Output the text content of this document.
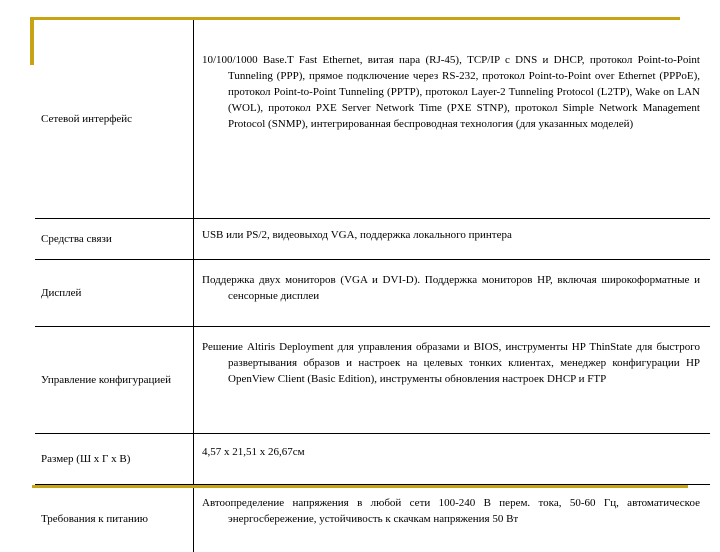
Сетевой интерфейс	10/100/1000 Base.T Fast Ethernet, витая пара (RJ-45), TCP/IP с DNS и DHCP, протокол Point-to-Point Tunneling (PPP), прямое подключение через RS-232, протокол Point-to-Point over Ethernet (PPPoE), протокол Point-to-Point Tunneling (PPTP), протокол Layer-2 Tunneling Protocol (L2TP), Wake on LAN (WOL), протокол PXE Server Network Time (PXE STNP), протокол Simple Network Management Protocol (SNMP), интегрированная беспроводная технология (для указанных моделей)

Средства связи	USB или PS/2, видеовыход VGA, поддержка локального принтера

Дисплей	Поддержка двух мониторов (VGA и DVI-D). Поддержка мониторов HP, включая широкоформатные и сенсорные дисплеи

Управление конфигурацией	Решение Altiris Deployment для управления образами и BIOS, инструменты HP ThinState для быстрого развертывания образов и настроек на целевых тонких клиентах, менеджер конфигурации HP OpenView Client (Basic Edition), инструменты обновления настроек DHCP и FTP

Размер (Ш x Г x В)	4,57 x 21,51 x 26,67см

Требования к питанию	Автоопределение напряжения в любой сети 100-240 В перем. тока, 50-60 Гц, автоматическое энергосбережение, устойчивость к скачкам напряжения 50 Вт
